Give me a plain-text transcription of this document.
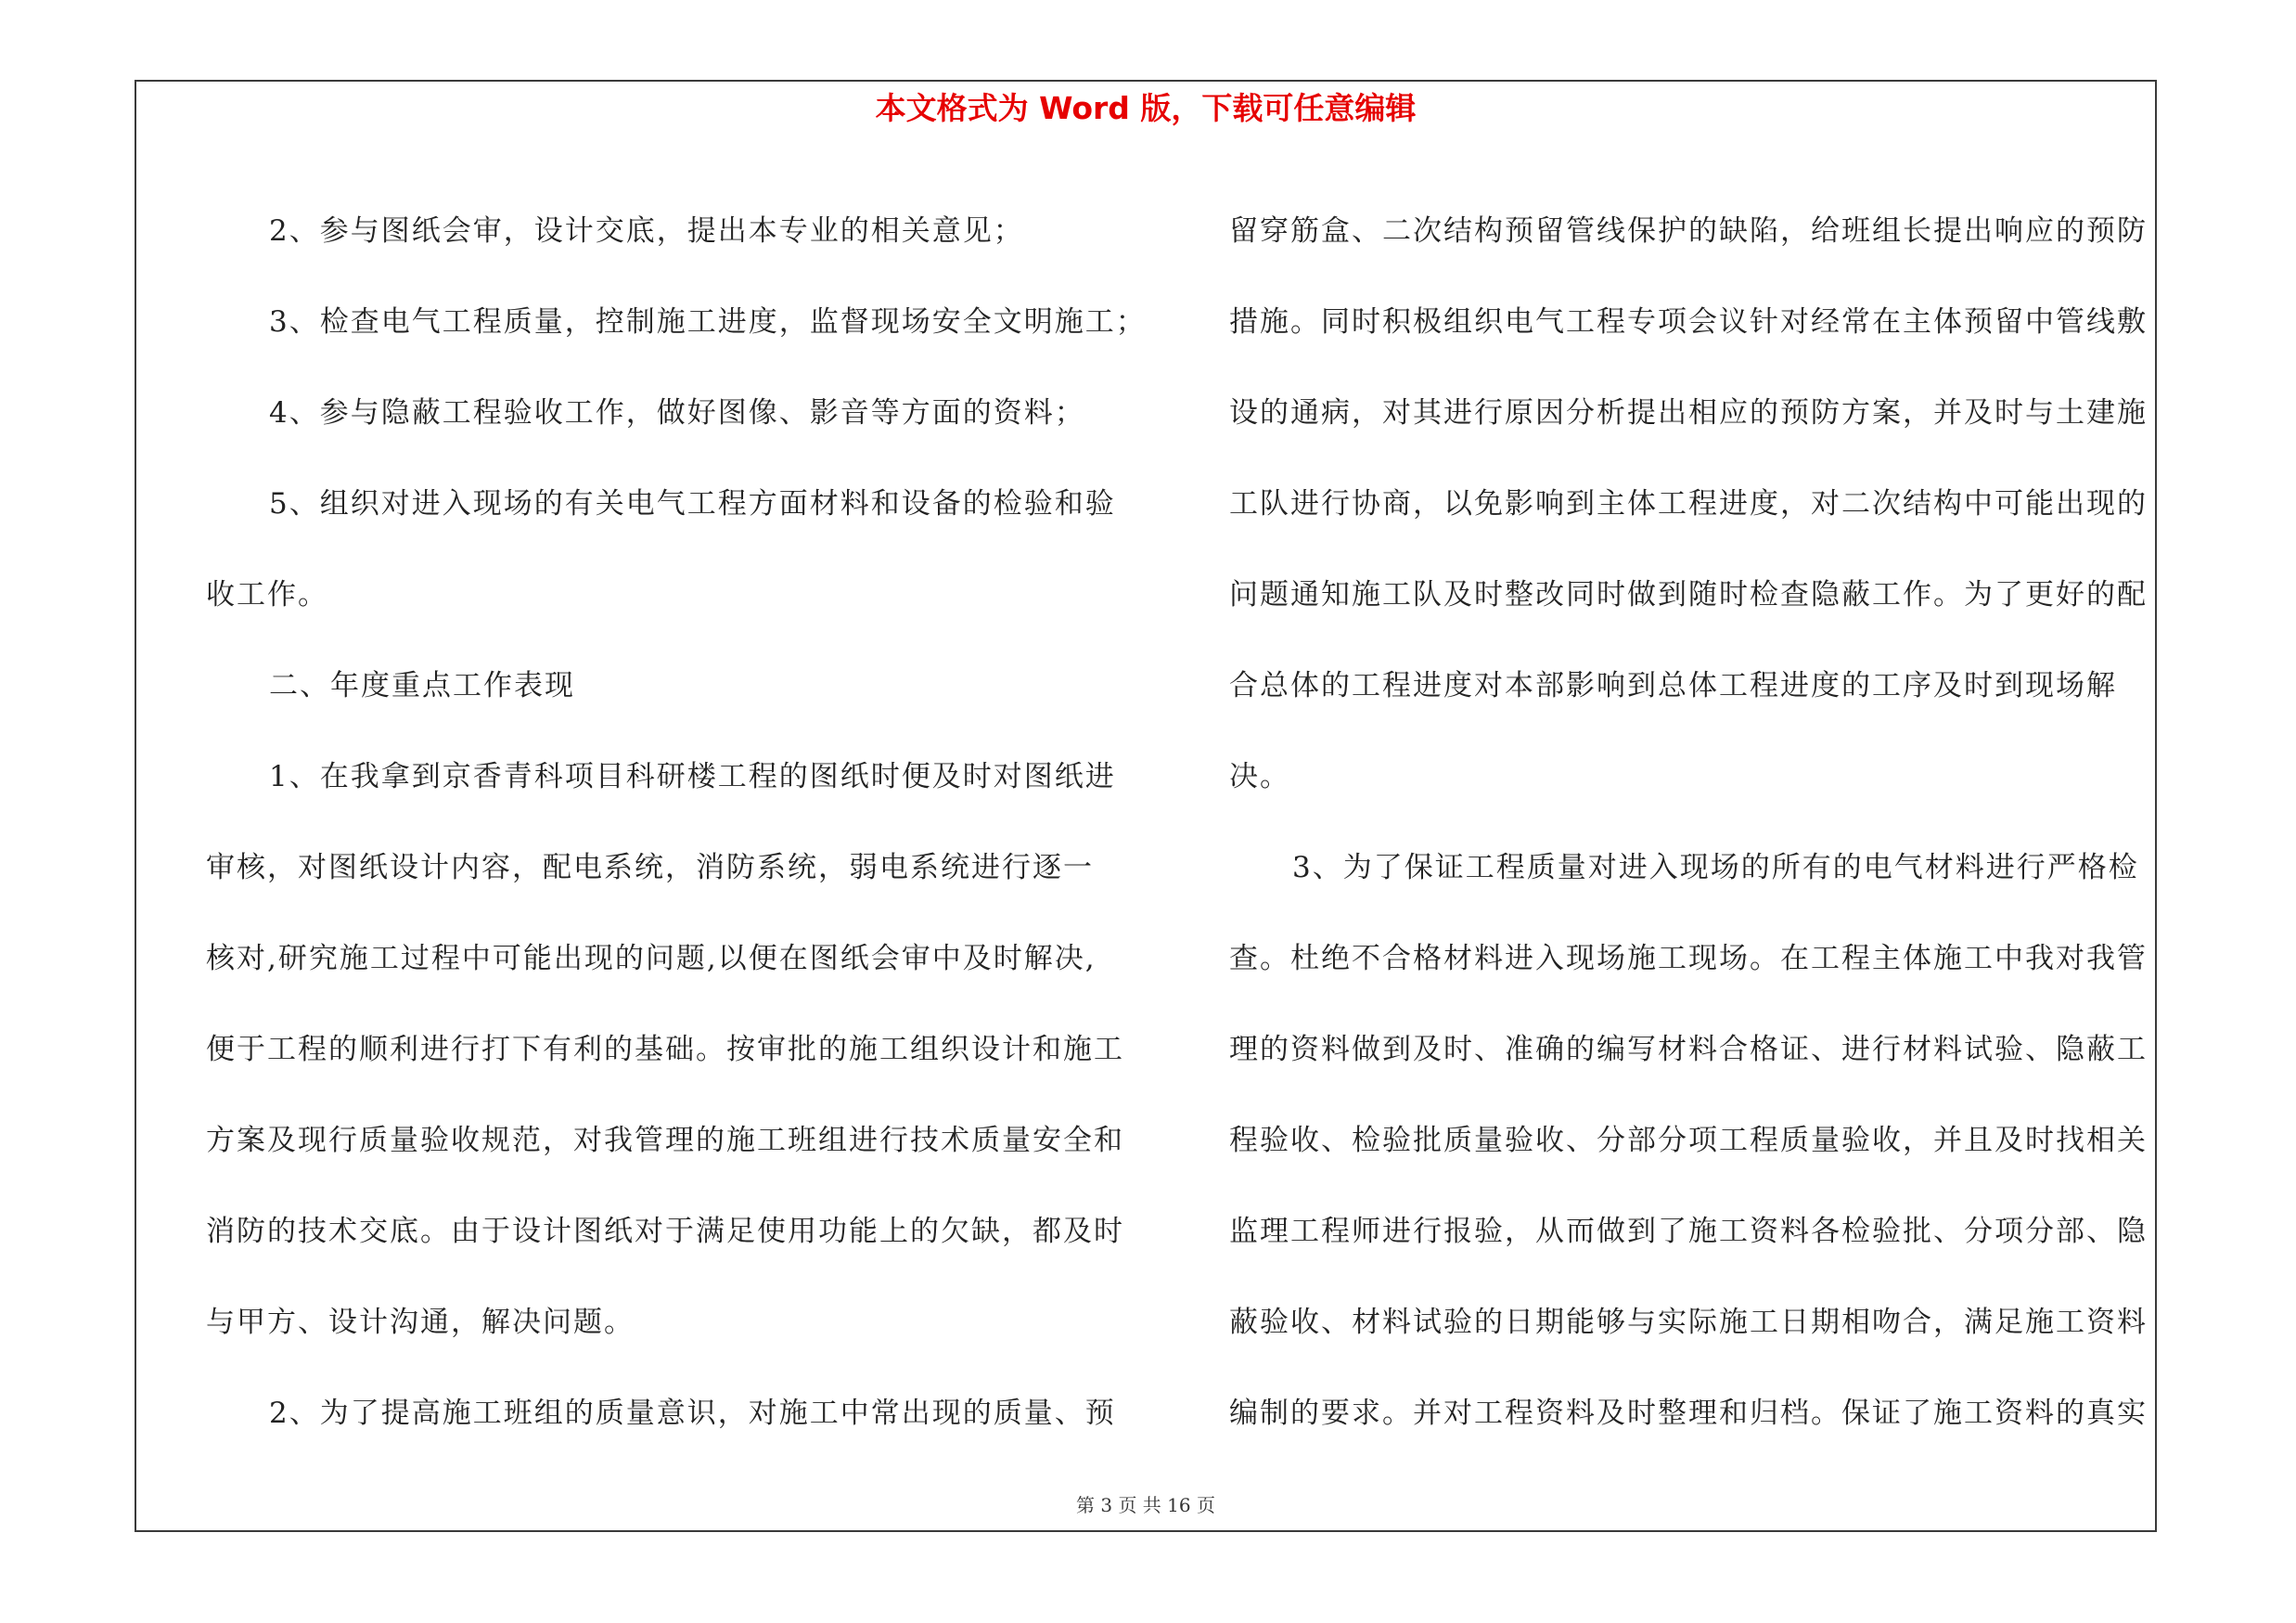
本文格式为 Word 版，下载可任意编辑
2、参与图纸会审，设计交底，提出本专业的相关意见；
3、检查电气工程质量，控制施工进度，监督现场安全文明施工；
4、参与隐蔽工程验收工作，做好图像、影音等方面的资料；
5、组织对进入现场的有关电气工程方面材料和设备的检验和验
收工作。
二、年度重点工作表现
1、在我拿到京香青科项目科研楼工程的图纸时便及时对图纸进
审核，对图纸设计内容，配电系统，消防系统，弱电系统进行逐一
核对,研究施工过程中可能出现的问题,以便在图纸会审中及时解决,
便于工程的顺利进行打下有利的基础。按审批的施工组织设计和施工
方案及现行质量验收规范，对我管理的施工班组进行技术质量安全和
消防的技术交底。由于设计图纸对于满足使用功能上的欠缺，都及时
与甲方、设计沟通，解决问题。
2、为了提高施工班组的质量意识，对施工中常出现的质量、预
留穿筋盒、二次结构预留管线保护的缺陷，给班组长提出响应的预防
措施。同时积极组织电气工程专项会议针对经常在主体预留中管线敷
设的通病，对其进行原因分析提出相应的预防方案，并及时与土建施
工队进行协商，以免影响到主体工程进度，对二次结构中可能出现的
问题通知施工队及时整改同时做到随时检查隐蔽工作。为了更好的配
合总体的工程进度对本部影响到总体工程进度的工序及时到现场解
决。
3、为了保证工程质量对进入现场的所有的电气材料进行严格检
查。杜绝不合格材料进入现场施工现场。在工程主体施工中我对我管
理的资料做到及时、准确的编写材料合格证、进行材料试验、隐蔽工
程验收、检验批质量验收、分部分项工程质量验收，并且及时找相关
监理工程师进行报验，从而做到了施工资料各检验批、分项分部、隐
蔽验收、材料试验的日期能够与实际施工日期相吻合，满足施工资料
编制的要求。并对工程资料及时整理和归档。保证了施工资料的真实
第 3 页 共 16 页
